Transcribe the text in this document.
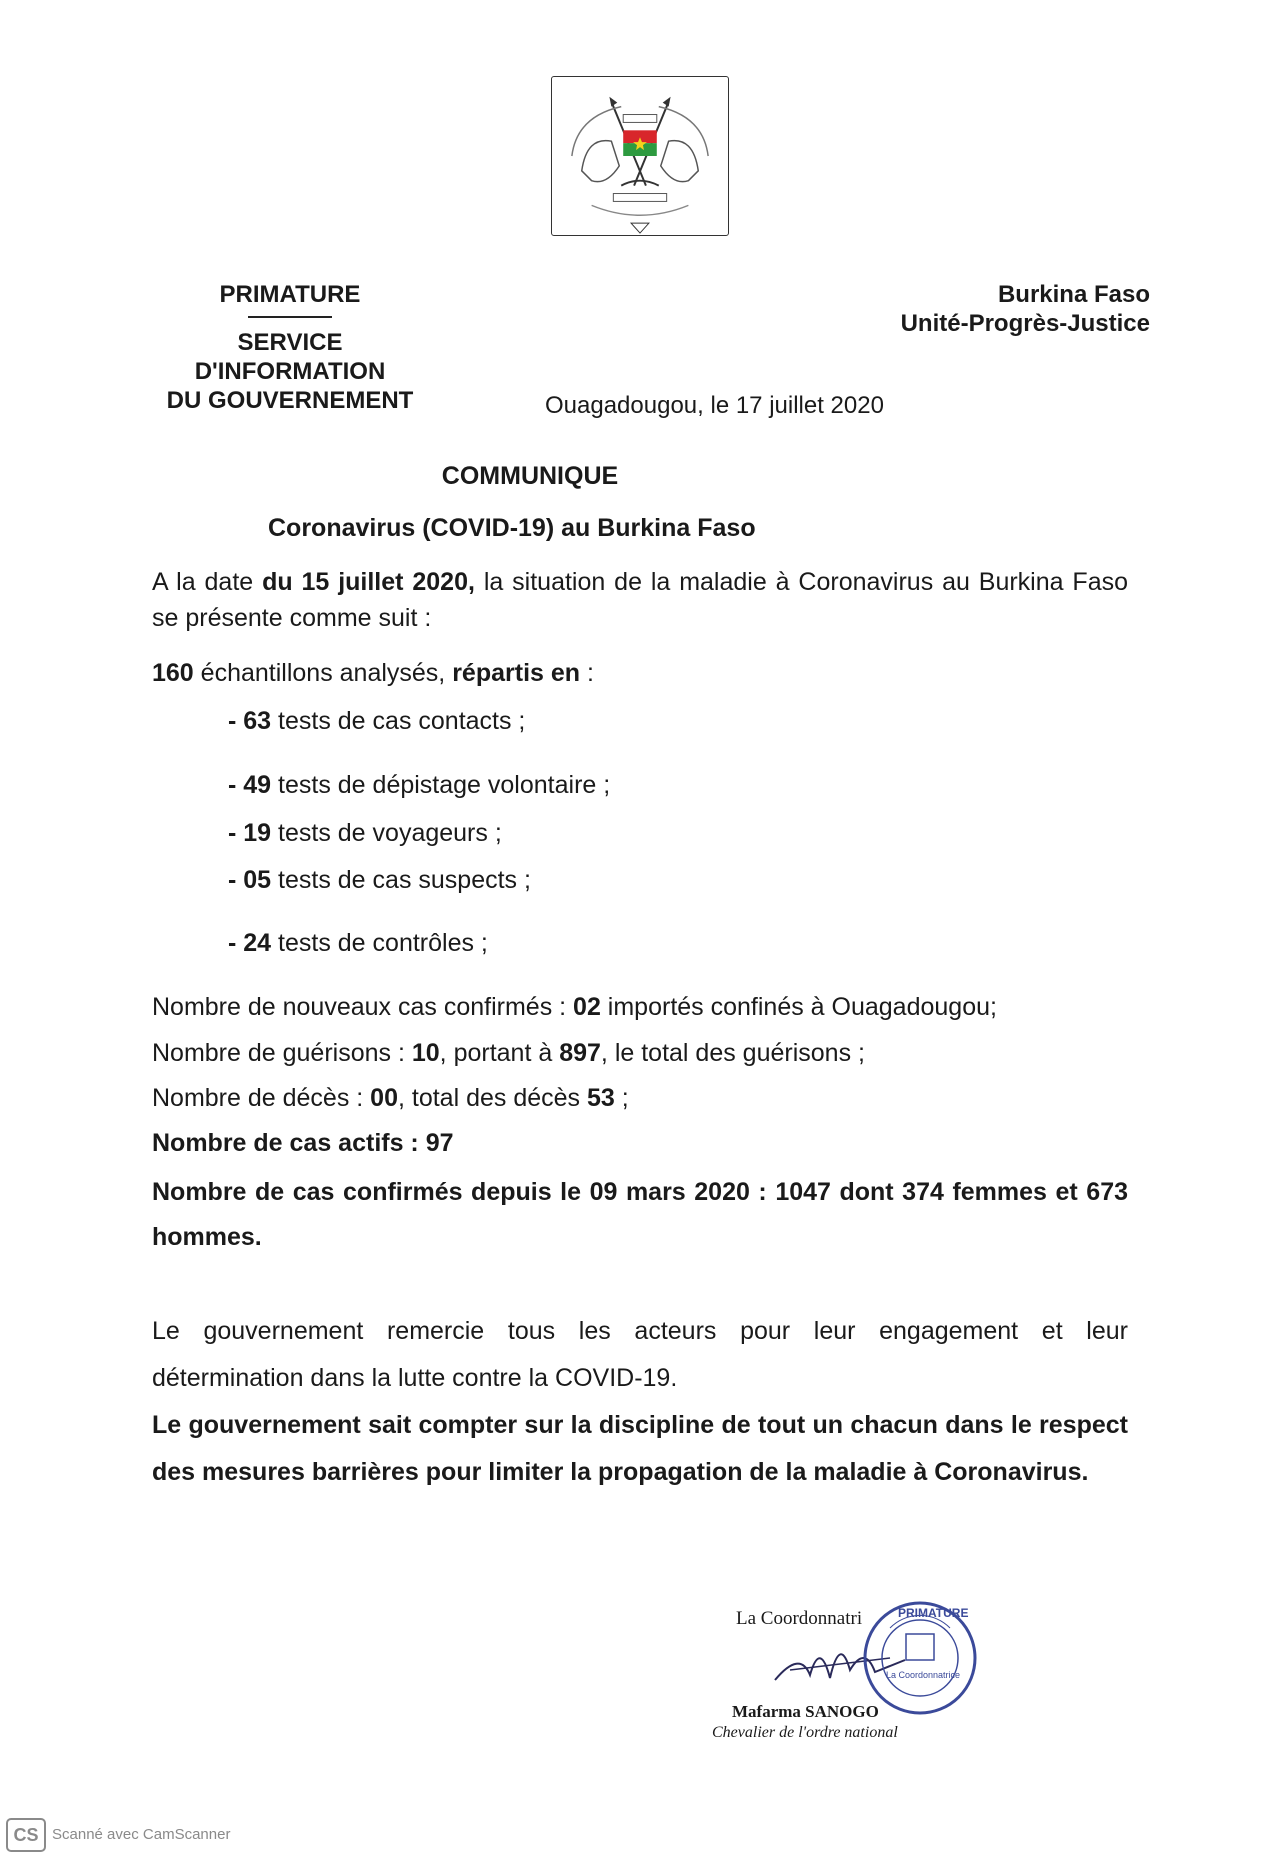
PRIMATURE
SERVICE D'INFORMATION
DU GOUVERNEMENT
Burkina Faso
Unité-Progrès-Justice
Ouagadougou, le 17 juillet 2020
COMMUNIQUE
Coronavirus (COVID-19) au Burkina Faso
A la date du 15 juillet 2020, la situation de la maladie à Coronavirus au Burkina Faso
se présente comme suit :
160 échantillons analysés, répartis en :
- 63 tests de cas contacts ;
- 49 tests de dépistage volontaire ;
- 19 tests de voyageurs ;
- 05 tests de cas suspects ;
- 24 tests de contrôles ;
Nombre de nouveaux cas confirmés : 02 importés confinés à Ouagadougou;
Nombre de guérisons : 10, portant à 897, le total des guérisons ;
Nombre de décès : 00, total des décès 53 ;
Nombre de cas actifs : 97
Nombre de cas confirmés depuis le 09 mars 2020 : 1047 dont 374 femmes et 673
hommes.
Le gouvernement remercie tous les acteurs pour leur engagement et leur
détermination dans la lutte contre la COVID-19.
Le gouvernement sait compter sur la discipline de tout un chacun dans le respect
des mesures barrières pour limiter la propagation de la maladie à Coronavirus.
La Coordonnatri	PRIMATURE
La Coordonnatrice
Mafarma SANOGO
Chevalier de l'ordre national
CS Scanné avec CamScanner
